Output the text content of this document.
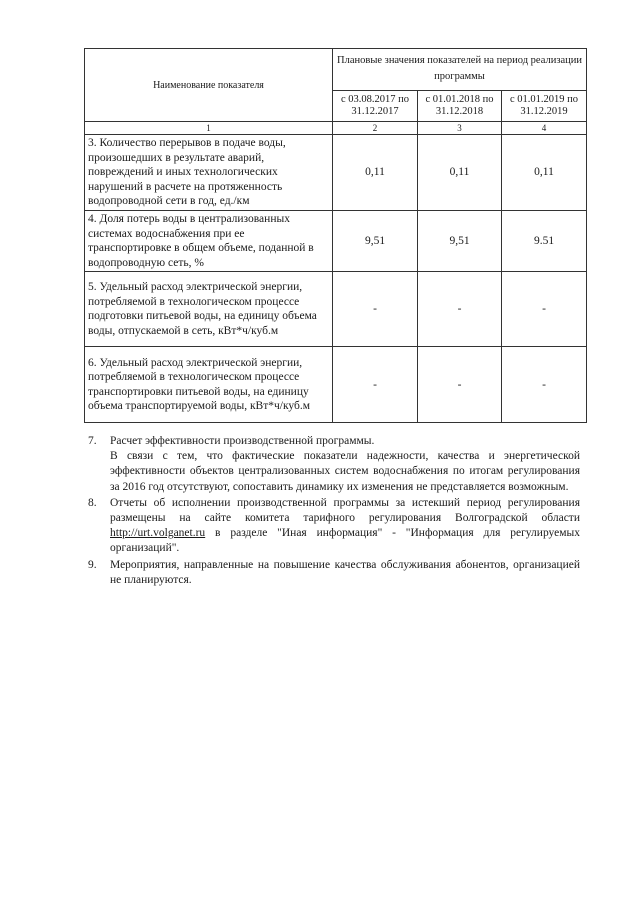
Наименование показателя	Плановые значения показателей на период реализации программы		
	с 03.08.2017 по 31.12.2017	с 01.01.2018 по 31.12.2018	с 01.01.2019 по 31.12.2019
1	2	3	4
3. Количество перерывов в подаче воды, произошедших в результате аварий, повреждений и иных технологических нарушений в расчете на протяженность водопроводной сети в год, ед./км	0,11	0,11	0,11
4. Доля потерь воды в централизованных системах водоснабжения при ее транспортировке в общем объеме, поданной в водопроводную сеть, %	9,51	9,51	9.51
5. Удельный расход электрической энергии, потребляемой в технологическом процессе подготовки питьевой воды, на единицу объема воды, отпускаемой в сеть, кВт*ч/куб.м	-	-	-
6. Удельный расход электрической энергии, потребляемой в технологическом процессе транспортировки питьевой воды, на единицу объема транспортируемой воды, кВт*ч/куб.м	-	-	-
7. Расчет эффективности производственной программы.
В связи с тем, что фактические показатели надежности, качества и энергетической эффективности объектов централизованных систем водоснабжения по итогам регулирования за 2016 год отсутствуют, сопоставить динамику их изменения не представляется возможным.
8. Отчеты об исполнении производственной программы за истекший период регулирования размещены на сайте комитета тарифного регулирования Волгоградской области http://urt.volganet.ru в разделе "Иная информация" - "Информация для регулируемых организаций".
9. Мероприятия, направленные на повышение качества обслуживания абонентов, организацией не планируются.
